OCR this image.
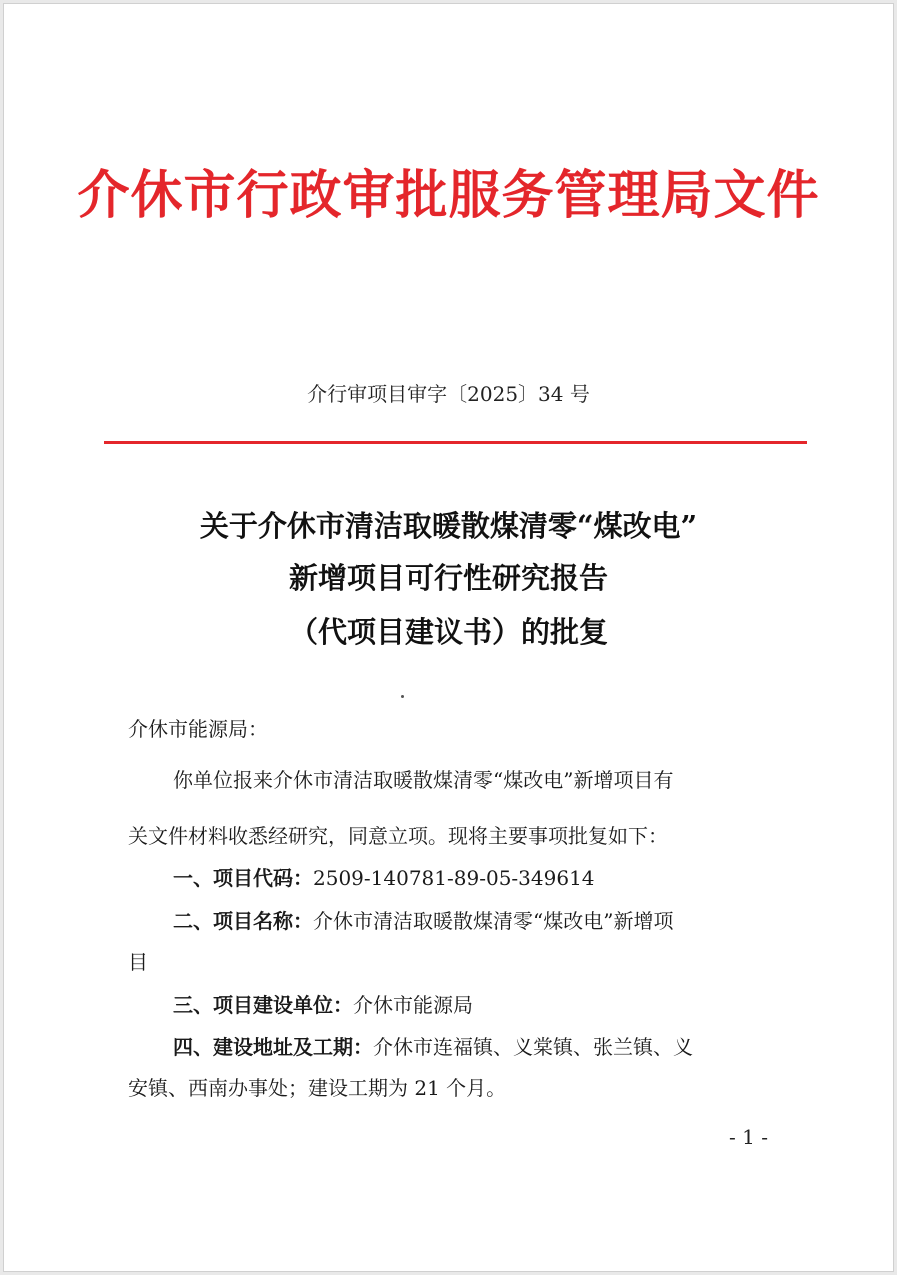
介休市行政审批服务管理局文件
介行审项目审字〔2025〕34 号
关于介休市清洁取暖散煤清零“煤改电”
新增项目可行性研究报告
（代项目建议书）的批复
介休市能源局：
你单位报来介休市清洁取暖散煤清零“煤改电”新增项目有
关文件材料收悉经研究，同意立项。现将主要事项批复如下：
一、项目代码：2509-140781-89-05-349614
二、项目名称：介休市清洁取暖散煤清零“煤改电”新增项
目
三、项目建设单位：介休市能源局
四、建设地址及工期：介休市连福镇、义棠镇、张兰镇、义
安镇、西南办事处；建设工期为 21 个月。
- 1 -
